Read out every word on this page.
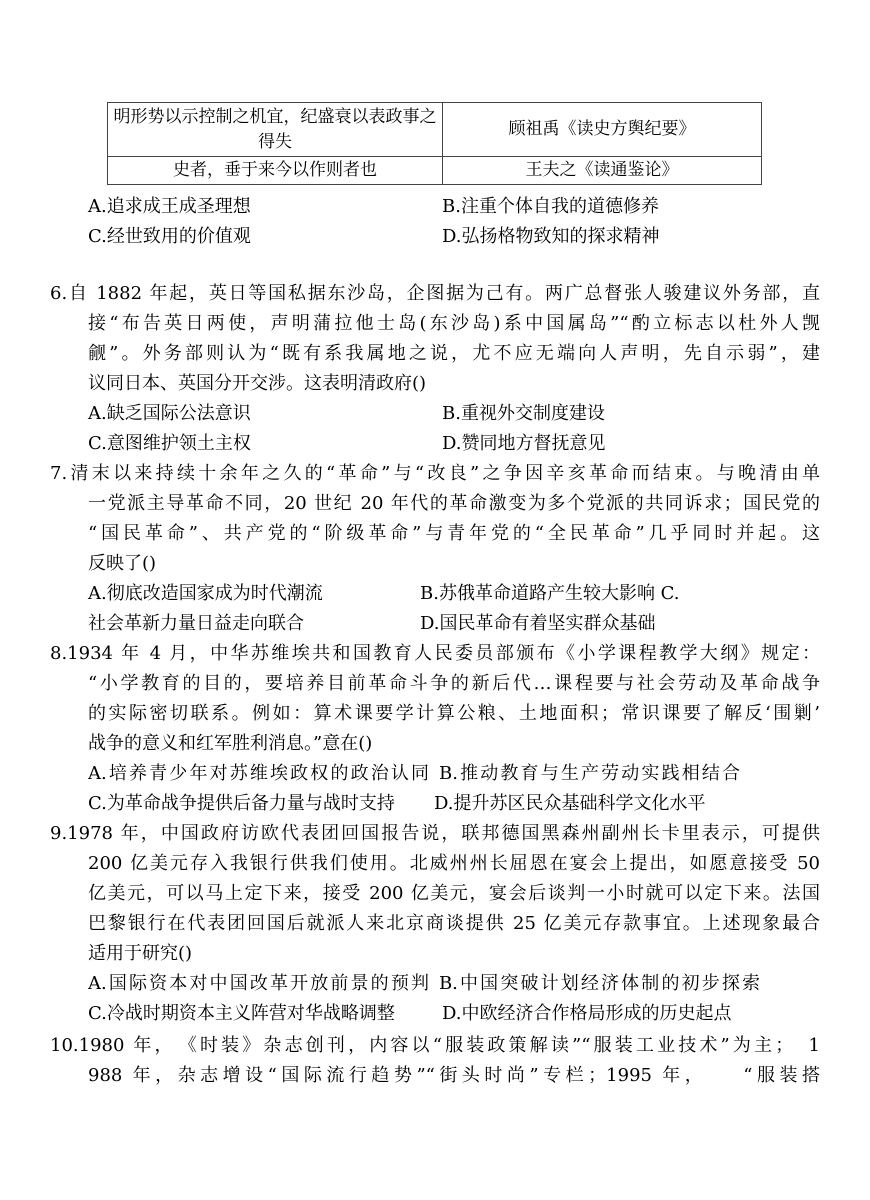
明形势以示控制之机宜，纪盛衰以表政事之得失	顾祖禹《读史方舆纪要》
史者，垂于来今以作则者也	王夫之《读通鉴论》
A.追求成王成圣理想	B.注重个体自我的道德修养
C.经世致用的价值观	D.弘扬格物致知的探求精神
6.自 1882 年起，英日等国私据东沙岛，企图据为己有。两广总督张人骏建议外务部，直
接“布告英日两使，声明蒲拉他士岛(东沙岛)系中国属岛”“酌立标志以杜外人觊
觎”。外务部则认为“既有系我属地之说，尤不应无端向人声明，先自示弱”，建
议同日本、英国分开交涉。这表明清政府()
A.缺乏国际公法意识	B.重视外交制度建设
C.意图维护领土主权	D.赞同地方督抚意见
7.清末以来持续十余年之久的“革命”与“改良”之争因辛亥革命而结束。与晚清由单
一党派主导革命不同，20 世纪 20 年代的革命激变为多个党派的共同诉求；国民党的
“国民革命”、共产党的“阶级革命”与青年党的“全民革命”几乎同时并起。这
反映了()
A.彻底改造国家成为时代潮流	B.苏俄革命道路产生较大影响 C.
社会革新力量日益走向联合	D.国民革命有着坚实群众基础
8.1934 年 4 月，中华苏维埃共和国教育人民委员部颁布《小学课程教学大纲》规定：
“小学教育的目的，要培养目前革命斗争的新后代…课程要与社会劳动及革命战争
的实际密切联系。例如：算术课要学计算公粮、土地面积；常识课要了解反‘围剿’
战争的意义和红军胜利消息。”意在()
A.培养青少年对苏维埃政权的政治认同 B.推动教育与生产劳动实践相结合
C.为革命战争提供后备力量与战时支持 D.提升苏区民众基础科学文化水平
9.1978 年，中国政府访欧代表团回国报告说，联邦德国黑森州副州长卡里表示，可提供
200 亿美元存入我银行供我们使用。北威州州长屈恩在宴会上提出，如愿意接受 50
亿美元，可以马上定下来，接受 200 亿美元，宴会后谈判一小时就可以定下来。法国
巴黎银行在代表团回国后就派人来北京商谈提供 25 亿美元存款事宜。上述现象最合
适用于研究()
A.国际资本对中国改革开放前景的预判 B.中国突破计划经济体制的初步探索
C.冷战时期资本主义阵营对华战略调整	D.中欧经济合作格局形成的历史起点
10.1980 年，　《时装》杂志创刊，内容以“服装政策解读”“服装工业技术”为主；　1
988 年，杂志增设“国际流行趋势”“街头时尚”专栏；1995 年，　　“服装搭
